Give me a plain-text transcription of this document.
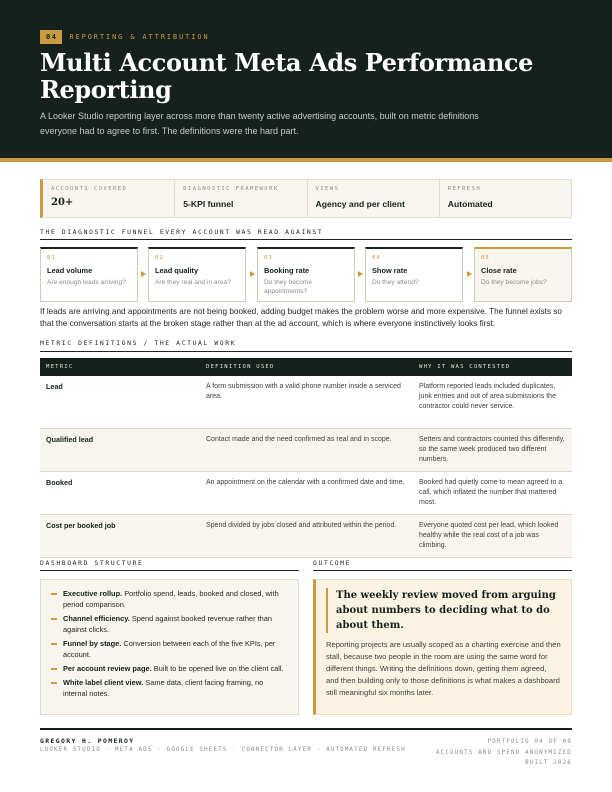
04	REPORTING & ATTRIBUTION
Multi Account Meta Ads Performance Reporting

A Looker Studio reporting layer across more than twenty active advertising accounts, built on metric definitions everyone had to agree to first. The definitions were the hard part.

ACCOUNTS COVERED
20+
DIAGNOSTIC FRAMEWORK
5-KPI funnel
VIEWS
Agency and per client
REFRESH
Automated
THE DIAGNOSTIC FUNNEL EVERY ACCOUNT WAS READ AGAINST
01
Lead volume
Are enough leads arriving?
02
Lead quality
Are they real and in area?
03
Booking rate
Do they become appointments?
04
Show rate
Do they attend?
05
Close rate
Do they become jobs?

If leads are arriving and appointments are not being booked, adding budget makes the problem worse and more expensive. The funnel exists so that the conversation starts at the broken stage rather than at the ad account, which is where everyone instinctively looks first.

METRIC DEFINITIONS / THE ACTUAL WORK
METRIC	DEFINITION USED	WHY IT WAS CONTESTED
Lead	A form submission with a valid phone number inside a serviced area.	Platform reported leads included duplicates, junk entries and out of area submissions the contractor could never service.
Qualified lead	Contact made and the need confirmed as real and in scope.	Setters and contractors counted this differently, so the same week produced two different numbers.
Booked	An appointment on the calendar with a confirmed date and time.	Booked had quietly come to mean agreed to a call, which inflated the number that mattered most.
Cost per booked job	Spend divided by jobs closed and attributed within the period.	Everyone quoted cost per lead, which looked healthy while the real cost of a job was climbing.
DASHBOARD STRUCTURE
Executive rollup. Portfolio spend, leads, booked and closed, with period comparison.
Channel efficiency. Spend against booked revenue rather than against clicks.
Funnel by stage. Conversion between each of the five KPIs, per account.
Per account review page. Built to be opened live on the client call.
White label client view. Same data, client facing framing, no internal notes.
OUTCOME
The weekly review moved from arguing about numbers to deciding what to do about them.

Reporting projects are usually scoped as a charting exercise and then stall, because two people in the room are using the same word for different things. Writing the definitions down, getting them agreed, and then building only to those definitions is what makes a dashboard still meaningful six months later.

GREGORY H. POMEROY
LOOKER STUDIO · META ADS · GOOGLE SHEETS · CONNECTOR LAYER · AUTOMATED REFRESH
PORTFOLIO 04 OF 08
ACCOUNTS AND SPEND ANONYMIZED
BUILT 2026
